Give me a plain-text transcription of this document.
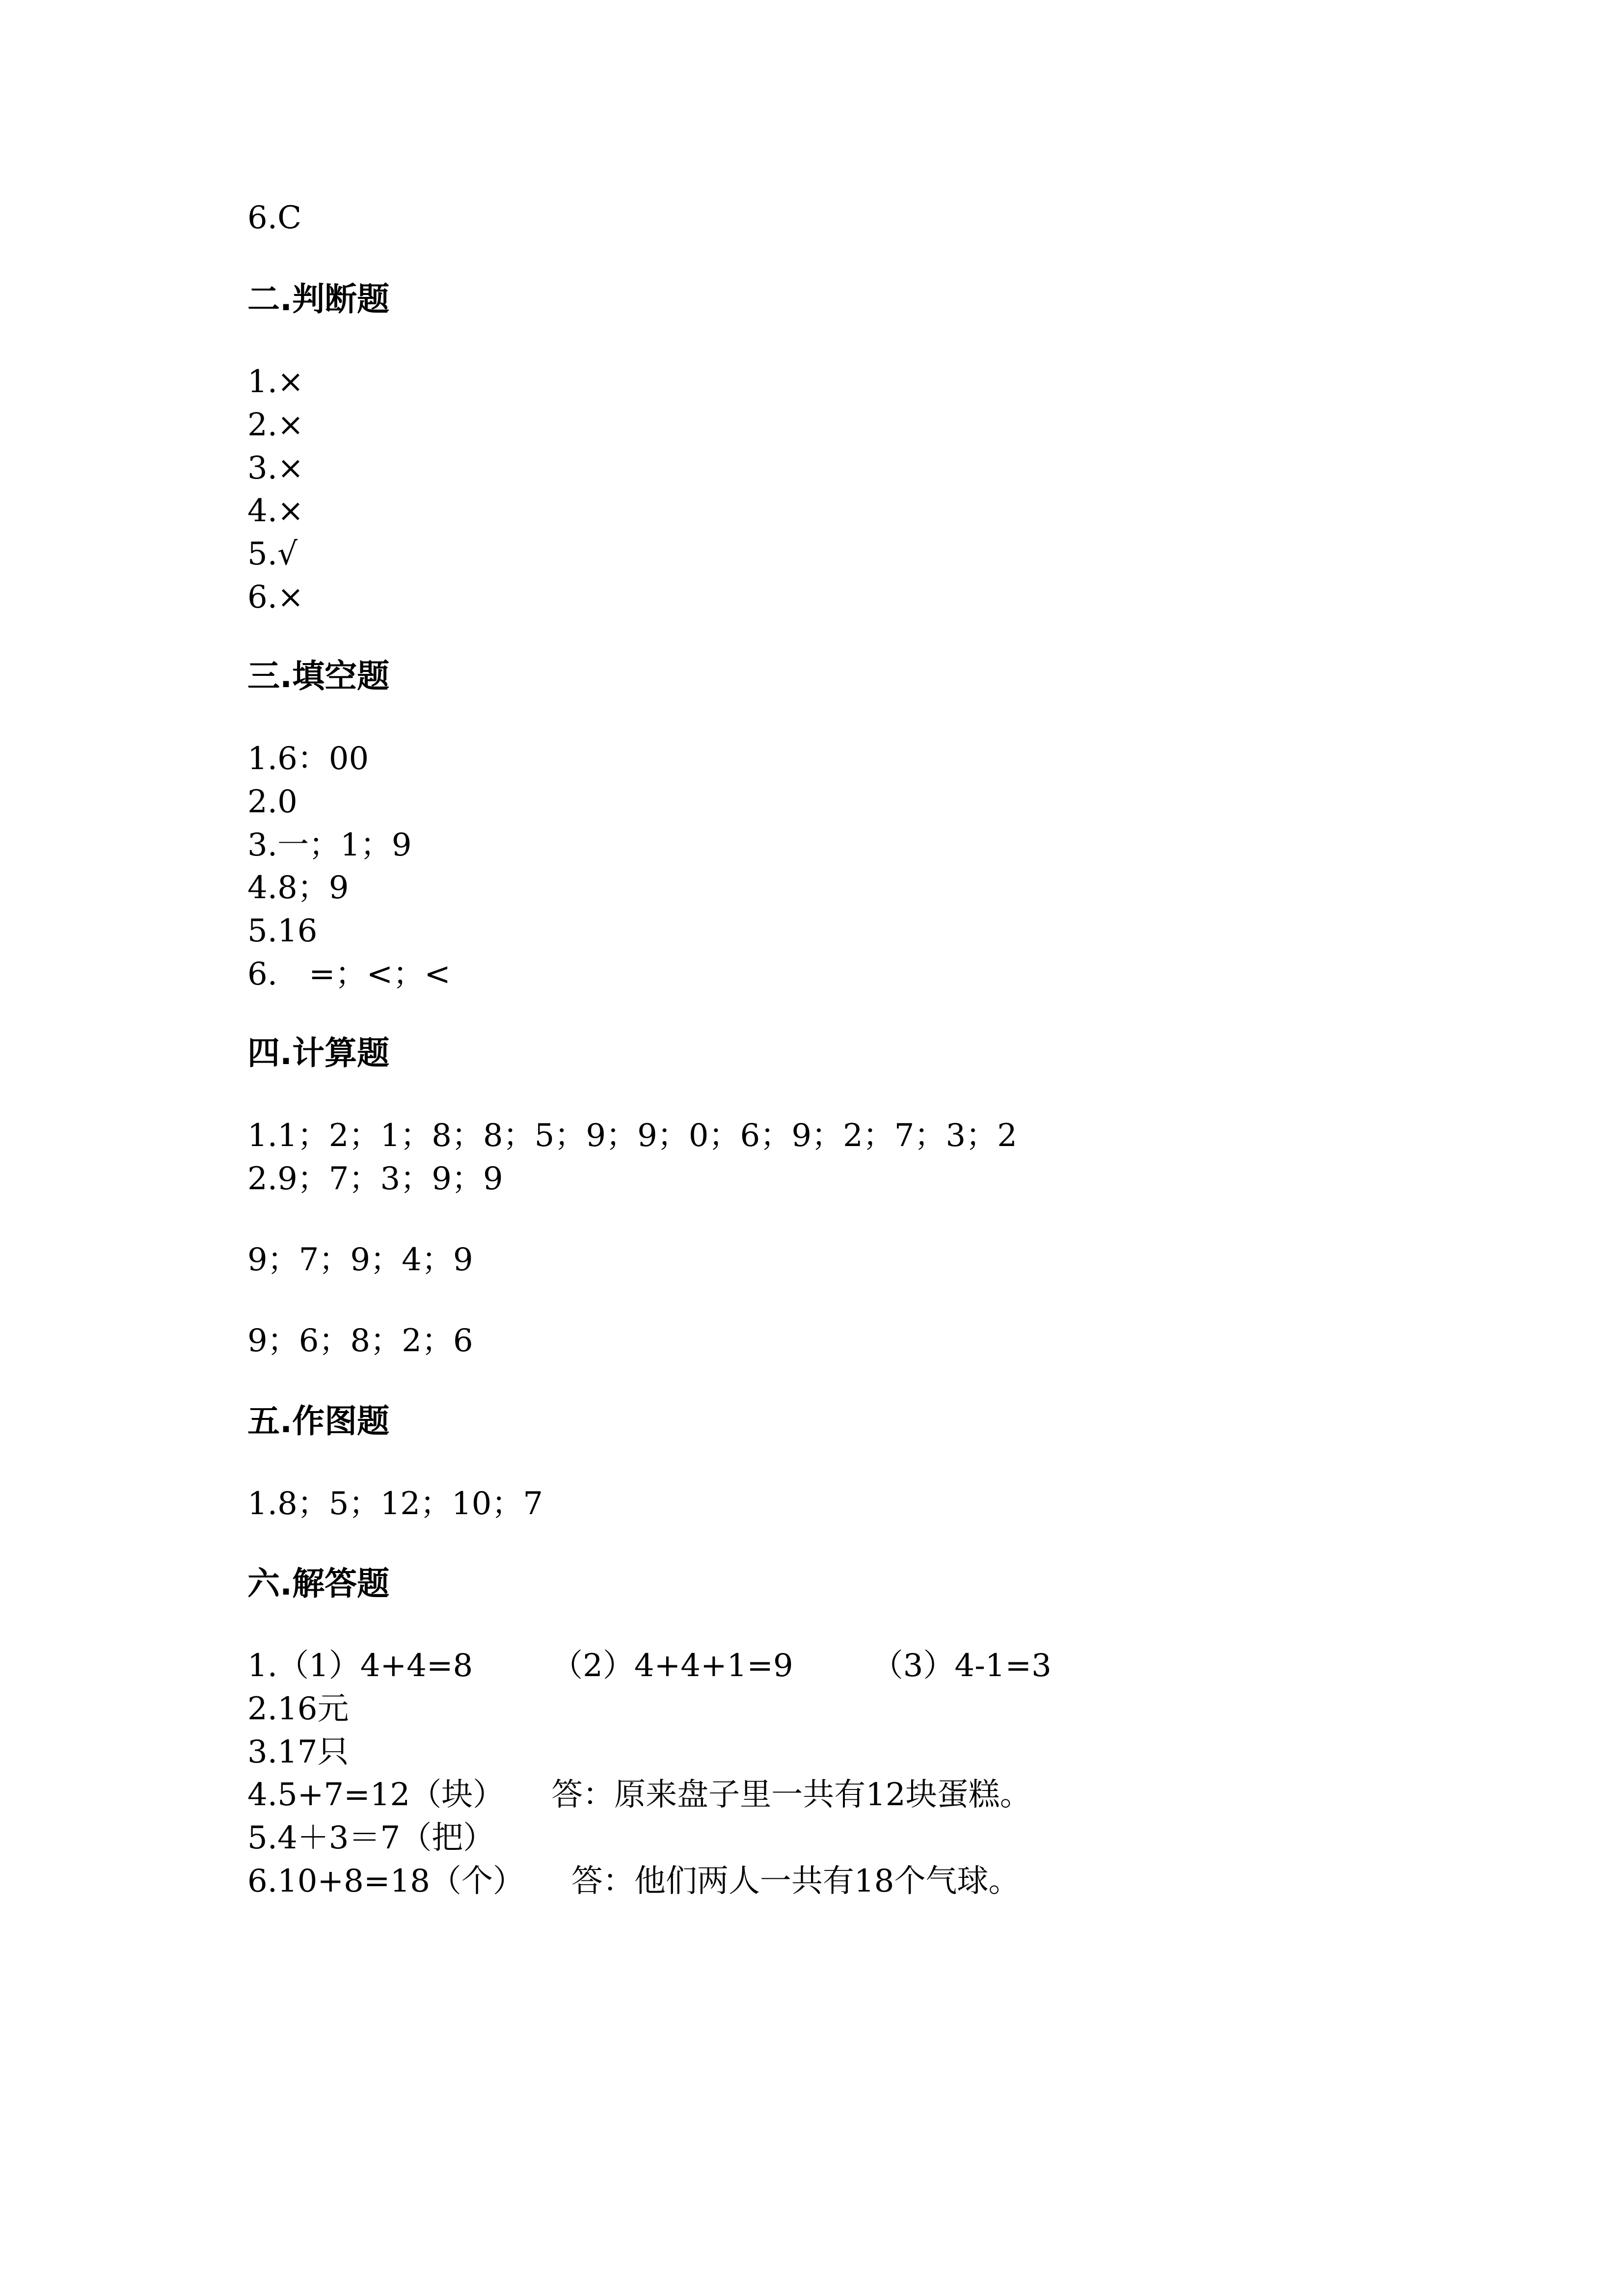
6.C
二.判断题
1.×
2.×
3.×
4.×
5.√
6.×
三.填空题
1.6：00
2.0
3.一；1；9
4.8；9
5.16
6.　=；<；<
四.计算题
1.1；2；1；8；8；5；9；9；0；6；9；2；7；3；2
2.9；7；3；9；9
9；7；9；4；9
9；6；8；2；6
五.作图题
1.8；5；12；10；7
六.解答题
1.（1）4+4=8　　　（2）4+4+1=9　　　（3）4-1=3
2.16元
3.17只
4.5+7=12（块）　　答：原来盘子里一共有12块蛋糕。
5.4＋3＝7（把）
6.10+8=18（个）　　答：他们两人一共有18个气球。
